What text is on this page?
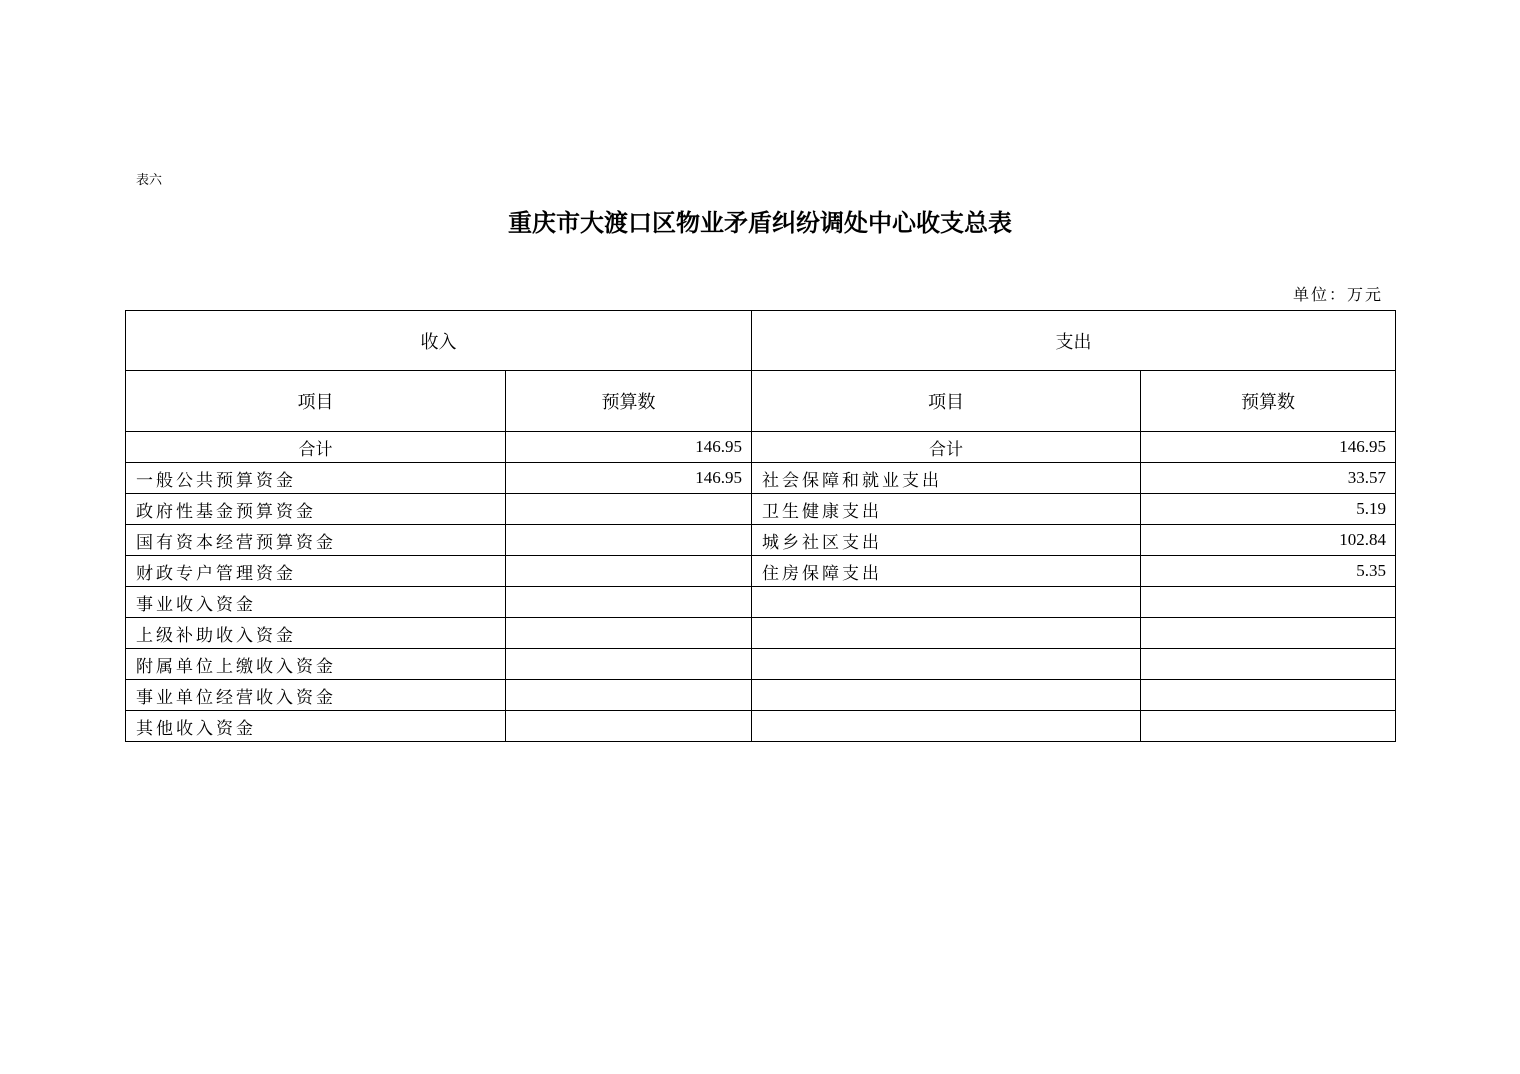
表六
重庆市大渡口区物业矛盾纠纷调处中心收支总表
单位：万元
收入		支出	
项目	预算数	项目	预算数
合计	146.95	合计	146.95
一般公共预算资金	146.95	社会保障和就业支出	33.57
政府性基金预算资金		卫生健康支出	5.19
国有资本经营预算资金		城乡社区支出	102.84
财政专户管理资金		住房保障支出	5.35
事业收入资金			
上级补助收入资金			
附属单位上缴收入资金			
事业单位经营收入资金			
其他收入资金			
